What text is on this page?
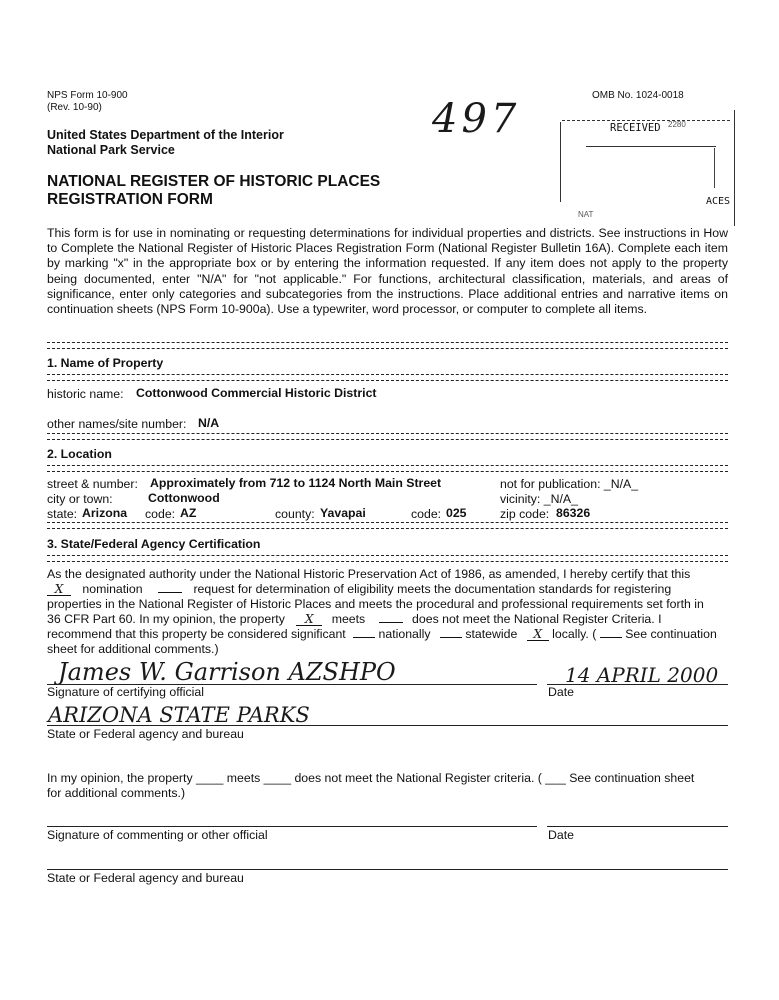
NPS Form 10-900
(Rev. 10-90)
OMB No. 1024-0018
United States Department of the Interior
National Park Service
497
NATIONAL REGISTER OF HISTORIC PLACES
REGISTRATION FORM
RECEIVED 2280
NAT
ACES
This form is for use in nominating or requesting determinations for individual properties and districts. See instructions in How to Complete the National Register of Historic Places Registration Form (National Register Bulletin 16A). Complete each item by marking "x" in the appropriate box or by entering the information requested. If any item does not apply to the property being documented, enter "N/A" for "not applicable." For functions, architectural classification, materials, and areas of significance, enter only categories and subcategories from the instructions. Place additional entries and narrative items on continuation sheets (NPS Form 10-900a). Use a typewriter, word processor, or computer to complete all items.
1. Name of Property
historic name: Cottonwood Commercial Historic District
other names/site number: N/A
2. Location
street & number: Approximately from 712 to 1124 North Main Street	not for publication: _N/A_
city or town:	Cottonwood	vicinity: _N/A_
state: Arizona code: AZ	county: Yavapai	code: 025	zip code: 86326
3. State/Federal Agency Certification
As the designated authority under the National Historic Preservation Act of 1986, as amended, I hereby certify that this
X nomination	request for determination of eligibility meets the documentation standards for registering
properties in the National Register of Historic Places and meets the procedural and professional requirements set forth in
36 CFR Part 60. In my opinion, the property X meets	does not meet the National Register Criteria. I
recommend that this property be considered significant	nationally	statewide X locally. ( See continuation
sheet for additional comments.)
James W. Garrison AZSHPO	14 APRIL 2000
Signature of certifying official	Date
ARIZONA STATE PARKS
State or Federal agency and bureau
In my opinion, the property ____ meets ____ does not meet the National Register criteria. ( ___ See continuation sheet
for additional comments.)
Signature of commenting or other official	Date
State or Federal agency and bureau
